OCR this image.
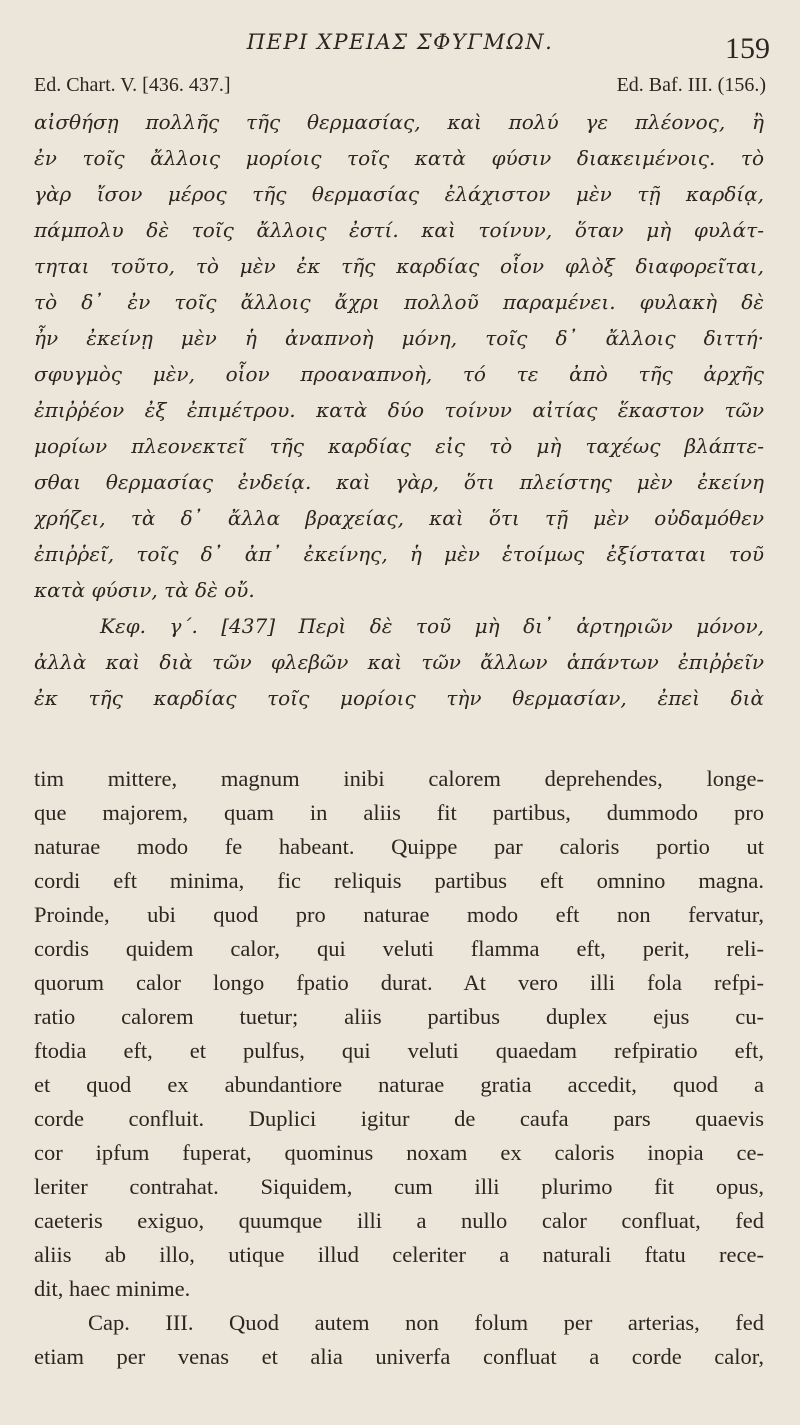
ΠΕΡΙ ΧΡΕΙΑΣ ΣΦΥΓΜΩΝ.	159
Ed. Chart. V. [436. 437.]	Ed. Baf. III. (156.)
αἰσθήσῃ πολλῆς τῆς θερμασίας, καὶ πολύ γε πλέονος, ἢ
ἐν τοῖς ἄλλοις μορίοις τοῖς κατὰ φύσιν διακειμένοις. τὸ
γὰρ ἴσον μέρος τῆς θερμασίας ἐλάχιστον μὲν τῇ καρδίᾳ,
πάμπολυ δὲ τοῖς ἄλλοις ἐστί. καὶ τοίνυν, ὅταν μὴ φυλάτ-
τηται τοῦτο, τὸ μὲν ἐκ τῆς καρδίας οἷον φλὸξ διαφορεῖται,
τὸ δ᾽ ἐν τοῖς ἄλλοις ἄχρι πολλοῦ παραμένει. φυλακὴ δὲ
ἦν ἐκείνῃ μὲν ἡ ἀναπνοὴ μόνη, τοῖς δ᾽ ἄλλοις διττή·
σφυγμὸς μὲν, οἷον προαναπνοὴ, τό τε ἀπὸ τῆς ἀρχῆς
ἐπιῤῥέον ἐξ ἐπιμέτρου. κατὰ δύο τοίνυν αἰτίας ἕκαστον τῶν
μορίων πλεονεκτεῖ τῆς καρδίας εἰς τὸ μὴ ταχέως βλάπτε-
σθαι θερμασίας ἐνδείᾳ. καὶ γὰρ, ὅτι πλείστης μὲν ἐκείνη
χρήζει, τὰ δ᾽ ἄλλα βραχείας, καὶ ὅτι τῇ μὲν οὐδαμόθεν
ἐπιῤῥεῖ, τοῖς δ᾽ ἀπ᾽ ἐκείνης, ἡ μὲν ἑτοίμως ἐξίσταται τοῦ
κατὰ φύσιν, τὰ δὲ οὔ.
Κεφ. γ΄. [437] Περὶ δὲ τοῦ μὴ δι᾽ ἀρτηριῶν μόνον,
ἀλλὰ καὶ διὰ τῶν φλεβῶν καὶ τῶν ἄλλων ἁπάντων ἐπιῤῥεῖν
ἐκ τῆς καρδίας τοῖς μορίοις τὴν θερμασίαν, ἐπεὶ διὰ
tim mittere, magnum inibi calorem deprehendes, longe-
que majorem, quam in aliis fit partibus, dummodo pro
naturae modo fe habeant. Quippe par caloris portio ut
cordi eft minima, fic reliquis partibus eft omnino magna.
Proinde, ubi quod pro naturae modo eft non fervatur,
cordis quidem calor, qui veluti flamma eft, perit, reli-
quorum calor longo fpatio durat. At vero illi fola refpi-
ratio calorem tuetur; aliis partibus duplex ejus cu-
ftodia eft, et pulfus, qui veluti quaedam refpiratio eft,
et quod ex abundantiore naturae gratia accedit, quod a
corde confluit. Duplici igitur de caufa pars quaevis
cor ipfum fuperat, quominus noxam ex caloris inopia ce-
leriter contrahat. Siquidem, cum illi plurimo fit opus,
caeteris exiguo, quumque illi a nullo calor confluat, fed
aliis ab illo, utique illud celeriter a naturali ftatu rece-
dit, haec minime.
Cap. III. Quod autem non folum per arterias, fed
etiam per venas et alia univerfa confluat a corde calor,
